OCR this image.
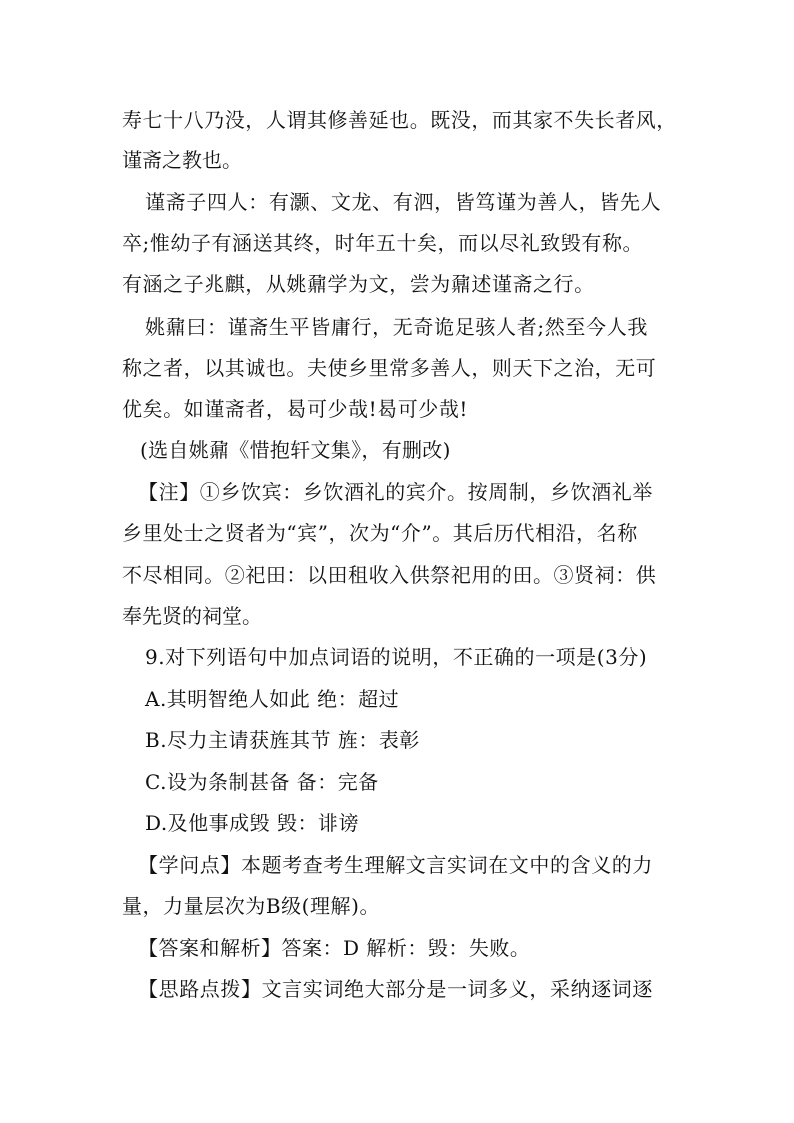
寿七十八乃没，人谓其修善延也。既没，而其家不失长者风，
谨斋之教也。
谨斋子四人：有灏、文龙、有泗，皆笃谨为善人，皆先人
卒;惟幼子有涵送其终，时年五十矣，而以尽礼致毁有称。
有涵之子兆麒，从姚鼐学为文，尝为鼐述谨斋之行。
姚鼐曰：谨斋生平皆庸行，无奇诡足骇人者;然至今人我
称之者，以其诚也。夫使乡里常多善人，则天下之治，无可
优矣。如谨斋者，曷可少哉!曷可少哉!
(选自姚鼐《惜抱轩文集》，有删改)
【注】①乡饮宾：乡饮酒礼的宾介。按周制，乡饮酒礼举
乡里处士之贤者为“宾”，次为“介”。其后历代相沿，名称
不尽相同。②祀田：以田租收入供祭祀用的田。③贤祠：供
奉先贤的祠堂。
9.对下列语句中加点词语的说明，不正确的一项是(3分)
A.其明智绝人如此 绝：超过
B.尽力主请获旌其节 旌：表彰
C.设为条制甚备 备：完备
D.及他事成毁 毁：诽谤
【学问点】本题考查考生理解文言实词在文中的含义的力
量，力量层次为B级(理解)。
【答案和解析】答案：D 解析：毁：失败。
【思路点拨】文言实词绝大部分是一词多义，采纳逐词逐
